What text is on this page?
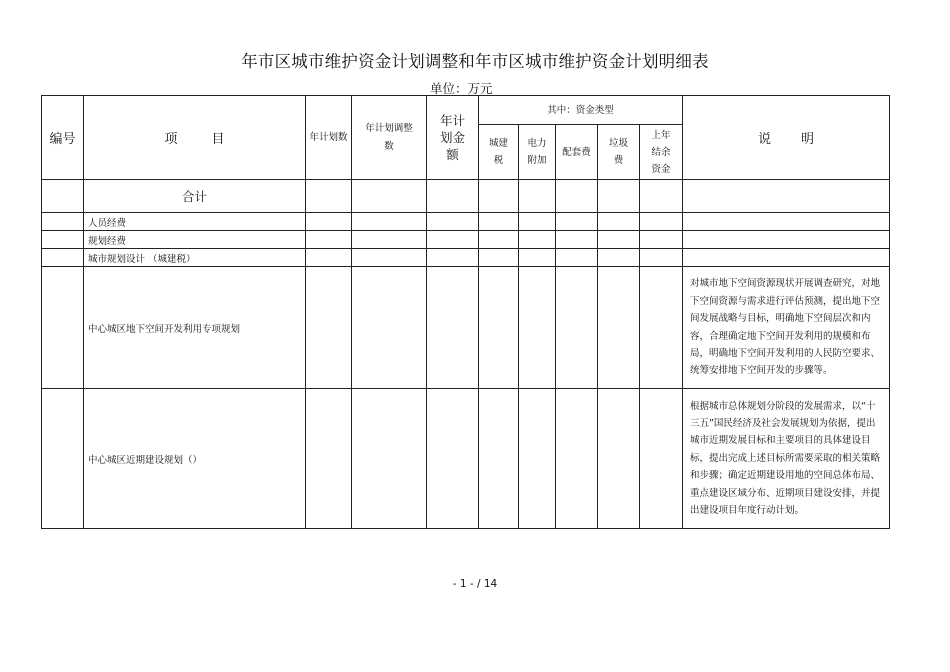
年市区城市维护资金计划调整和年市区城市维护资金计划明细表
单位：万元
编号	项目	年计划数	年计划调整数	年计划金额	其中：资金类型					说明
					城建税	电力附加	配套费	垃圾费	上年结余资金	
	合计									
	人员经费									
	规划经费									
	城市规划设计 （城建税）									
	中心城区地下空间开发利用专项规划									对城市地下空间资源现状开展调查研究，对地下空间资源与需求进行评估预测，提出地下空间发展战略与目标，明确地下空间层次和内容，合理确定地下空间开发利用的规模和布局，明确地下空间开发利用的人民防空要求、统筹安排地下空间开发的步骤等。
	中心城区近期建设规划（）									根据城市总体规划分阶段的发展需求，以“十三五”国民经济及社会发展规划为依据，提出城市近期发展目标和主要项目的具体建设目标，提出完成上述目标所需要采取的相关策略和步骤；确定近期建设用地的空间总体布局、重点建设区域分布、近期项目建设安排，并提出建设项目年度行动计划。
- 1 - / 14
